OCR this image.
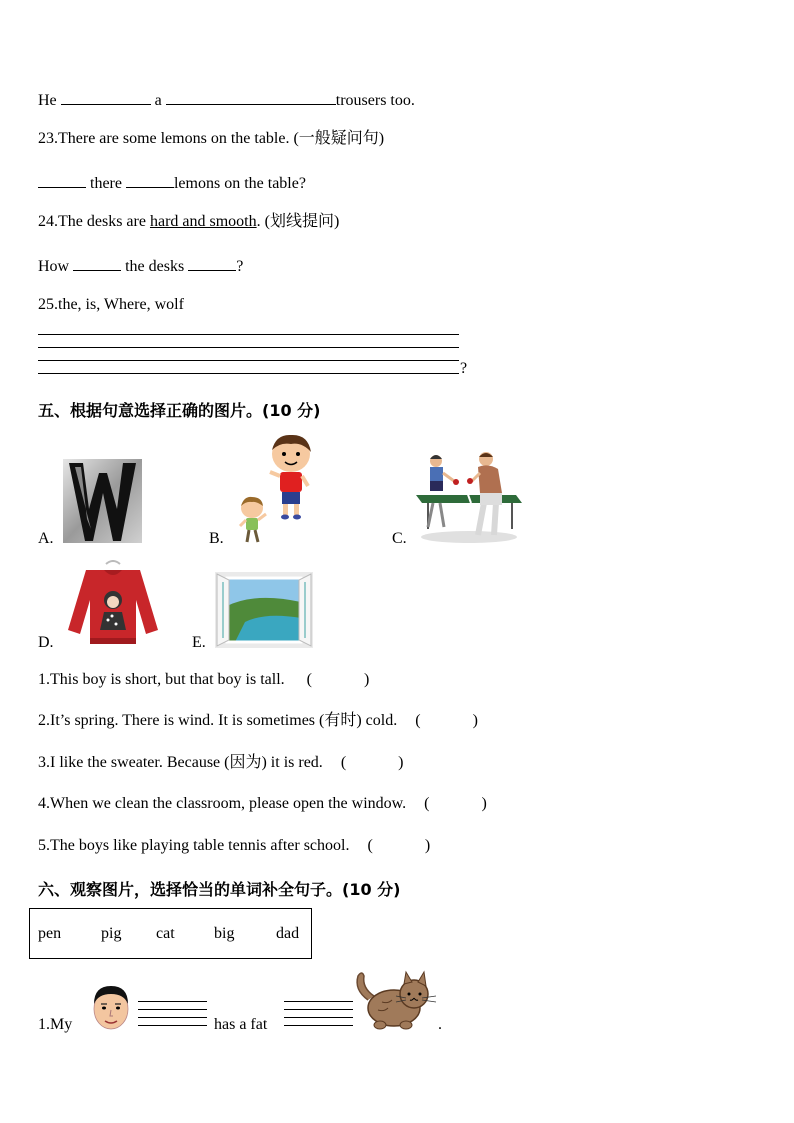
He	a	trousers too.
23.There are some lemons on the table. (一般疑问句)
there	lemons on the table?
24.The desks are hard and smooth. (划线提问)
How	the desks	?
25.the, is, Where, wolf
?
五、根据句意选择正确的图片。(10 分)
A.	B.	C.
D.	E.
1.This boy is short, but that boy is tall. (	)
2.It’s spring. There is wind. It is sometimes (有时) cold. (	)
3.I like the sweater. Because (因为) it is red. (	)
4.When we clean the classroom, please open the window. (	)
5.The boys like playing table tennis after school. (	)
六、观察图片，选择恰当的单词补全句子。(10 分)
pen pig cat big	dad
1.My	has a fat	.
